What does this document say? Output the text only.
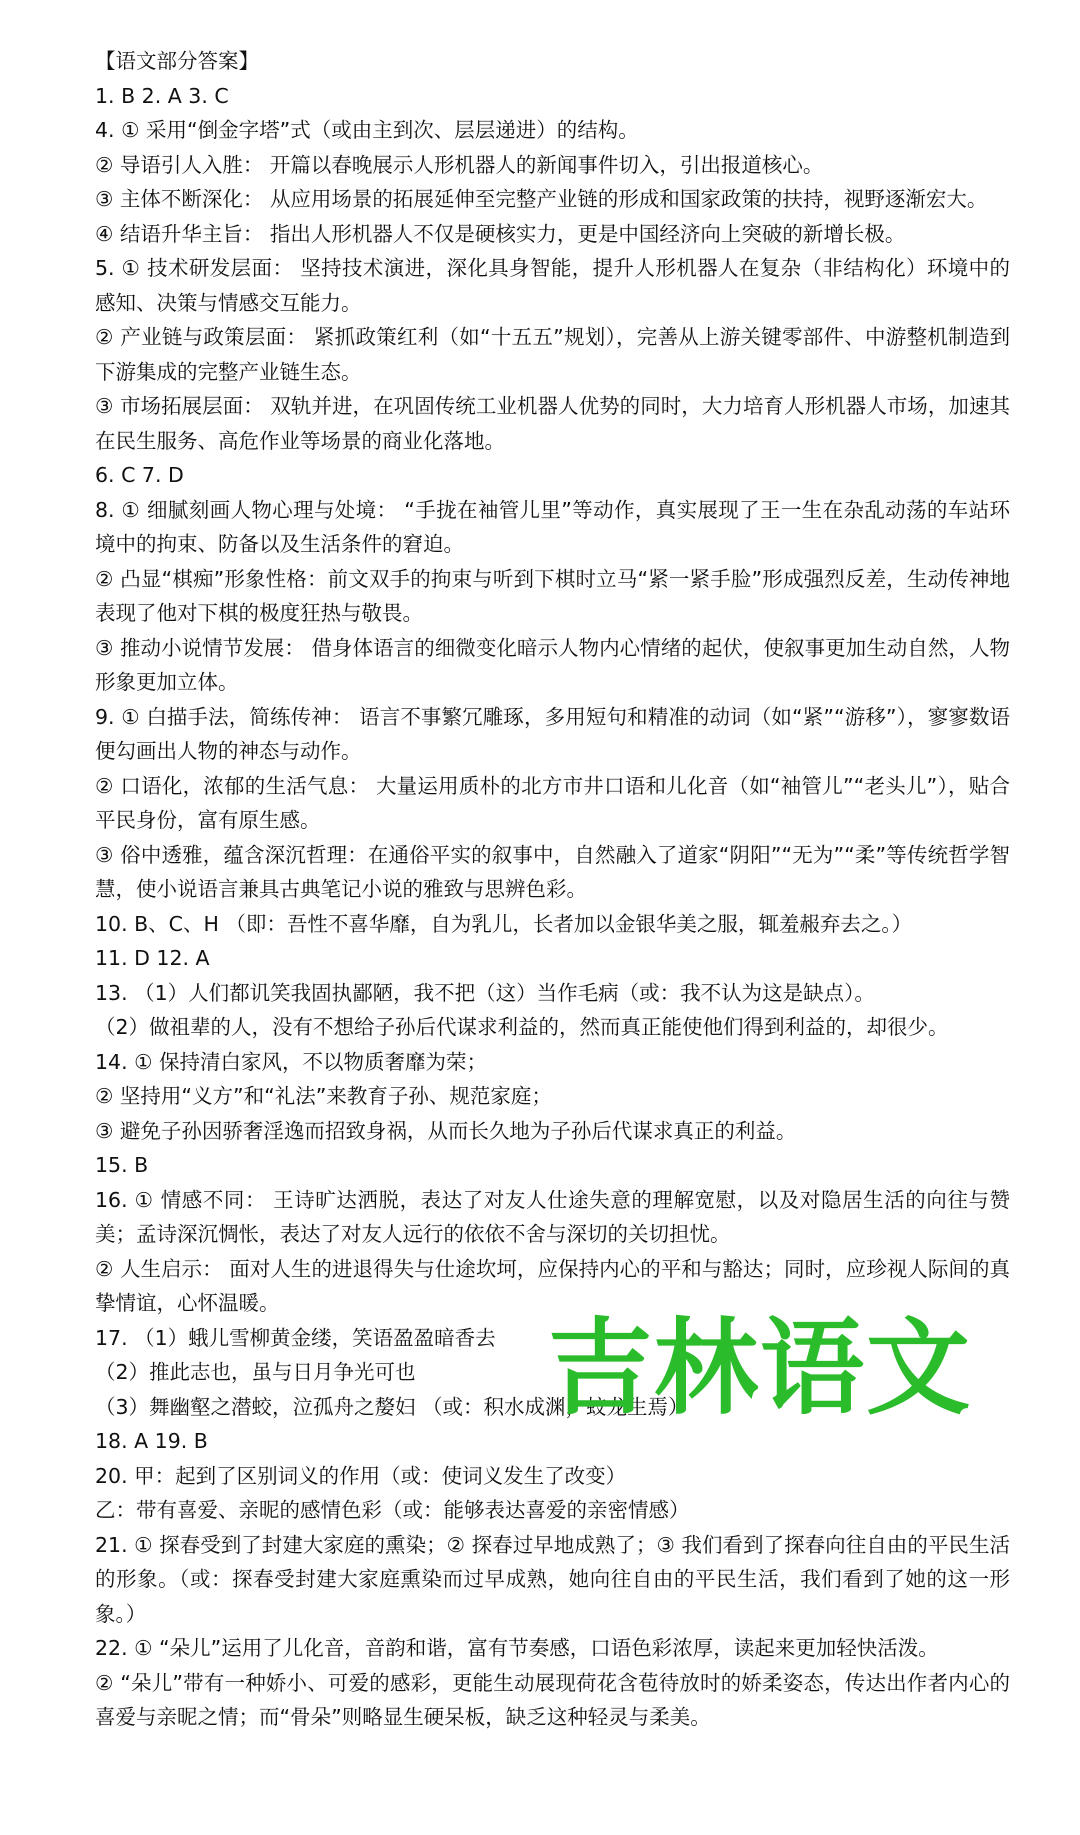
【语文部分答案】
1. B 2. A 3. C
4. ① 采用“倒金字塔”式（或由主到次、层层递进）的结构。
② 导语引人入胜： 开篇以春晚展示人形机器人的新闻事件切入，引出报道核心。
③ 主体不断深化： 从应用场景的拓展延伸至完整产业链的形成和国家政策的扶持，视野逐渐宏大。
④ 结语升华主旨： 指出人形机器人不仅是硬核实力，更是中国经济向上突破的新增长极。
5. ① 技术研发层面： 坚持技术演进，深化具身智能，提升人形机器人在复杂（非结构化）环境中的感知、决策与情感交互能力。
② 产业链与政策层面： 紧抓政策红利（如“十五五”规划），完善从上游关键零部件、中游整机制造到下游集成的完整产业链生态。
③ 市场拓展层面： 双轨并进，在巩固传统工业机器人优势的同时，大力培育人形机器人市场，加速其在民生服务、高危作业等场景的商业化落地。
6. C 7. D
8. ① 细腻刻画人物心理与处境： “手拢在袖管儿里”等动作，真实展现了王一生在杂乱动荡的车站环境中的拘束、防备以及生活条件的窘迫。
② 凸显“棋痴”形象性格：前文双手的拘束与听到下棋时立马“紧一紧手脸”形成强烈反差，生动传神地表现了他对下棋的极度狂热与敬畏。
③ 推动小说情节发展： 借身体语言的细微变化暗示人物内心情绪的起伏，使叙事更加生动自然，人物形象更加立体。
9. ① 白描手法，简练传神： 语言不事繁冗雕琢，多用短句和精准的动词（如“紧”“游移”），寥寥数语便勾画出人物的神态与动作。
② 口语化，浓郁的生活气息： 大量运用质朴的北方市井口语和儿化音（如“袖管儿”“老头儿”），贴合平民身份，富有原生感。
③ 俗中透雅，蕴含深沉哲理：在通俗平实的叙事中，自然融入了道家“阴阳”“无为”“柔”等传统哲学智慧，使小说语言兼具古典笔记小说的雅致与思辨色彩。
10. B、C、H （即：吾性不喜华靡，自为乳儿，长者加以金银华美之服，辄羞赧弃去之。）
11. D 12. A
13. （1）人们都讥笑我固执鄙陋，我不把（这）当作毛病（或：我不认为这是缺点）。
（2）做祖辈的人，没有不想给子孙后代谋求利益的，然而真正能使他们得到利益的，却很少。
14. ① 保持清白家风，不以物质奢靡为荣；
② 坚持用“义方”和“礼法”来教育子孙、规范家庭；
③ 避免子孙因骄奢淫逸而招致身祸，从而长久地为子孙后代谋求真正的利益。
15. B
16. ① 情感不同： 王诗旷达洒脱，表达了对友人仕途失意的理解宽慰，以及对隐居生活的向往与赞美；孟诗深沉惆怅，表达了对友人远行的依依不舍与深切的关切担忧。
② 人生启示： 面对人生的进退得失与仕途坎坷，应保持内心的平和与豁达；同时，应珍视人际间的真挚情谊，心怀温暖。
17. （1）蛾儿雪柳黄金缕，笑语盈盈暗香去
（2）推此志也，虽与日月争光可也
（3）舞幽壑之潜蛟，泣孤舟之嫠妇 （或：积水成渊，蛟龙生焉）
18. A 19. B
20. 甲：起到了区别词义的作用（或：使词义发生了改变）
乙：带有喜爱、亲昵的感情色彩（或：能够表达喜爱的亲密情感）
21. ① 探春受到了封建大家庭的熏染；② 探春过早地成熟了；③ 我们看到了探春向往自由的平民生活的形象。（或：探春受封建大家庭熏染而过早成熟，她向往自由的平民生活，我们看到了她的这一形象。）
22. ① “朵儿”运用了儿化音，音韵和谐，富有节奏感，口语色彩浓厚，读起来更加轻快活泼。
② “朵儿”带有一种娇小、可爱的感彩，更能生动展现荷花含苞待放时的娇柔姿态，传达出作者内心的喜爱与亲昵之情；而“骨朵”则略显生硬呆板，缺乏这种轻灵与柔美。
吉林语文
